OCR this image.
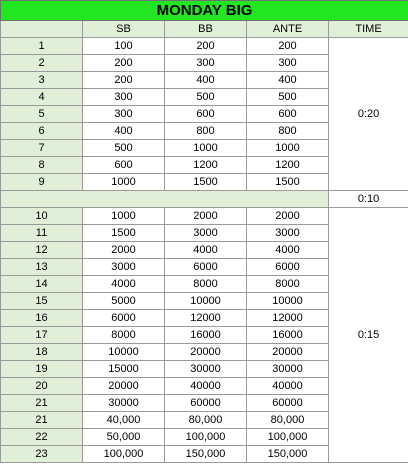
MONDAY BIG				
	SB	BB	ANTE	TIME
1	100	200	200	0:20
2	200	300	300	
3	200	400	400	
4	300	500	500	
5	300	600	600	
6	400	800	800	
7	500	1000	1000	
8	600	1200	1200	
9	1000	1500	1500	
				0:10
10	1000	2000	2000	0:15
11	1500	3000	3000	
12	2000	4000	4000	
13	3000	6000	6000	
14	4000	8000	8000	
15	5000	10000	10000	
16	6000	12000	12000	
17	8000	16000	16000	
18	10000	20000	20000	
19	15000	30000	30000	
20	20000	40000	40000	
21	30000	60000	60000	
21	40,000	80,000	80,000	
22	50,000	100,000	100,000	
23	100,000	150,000	150,000	
